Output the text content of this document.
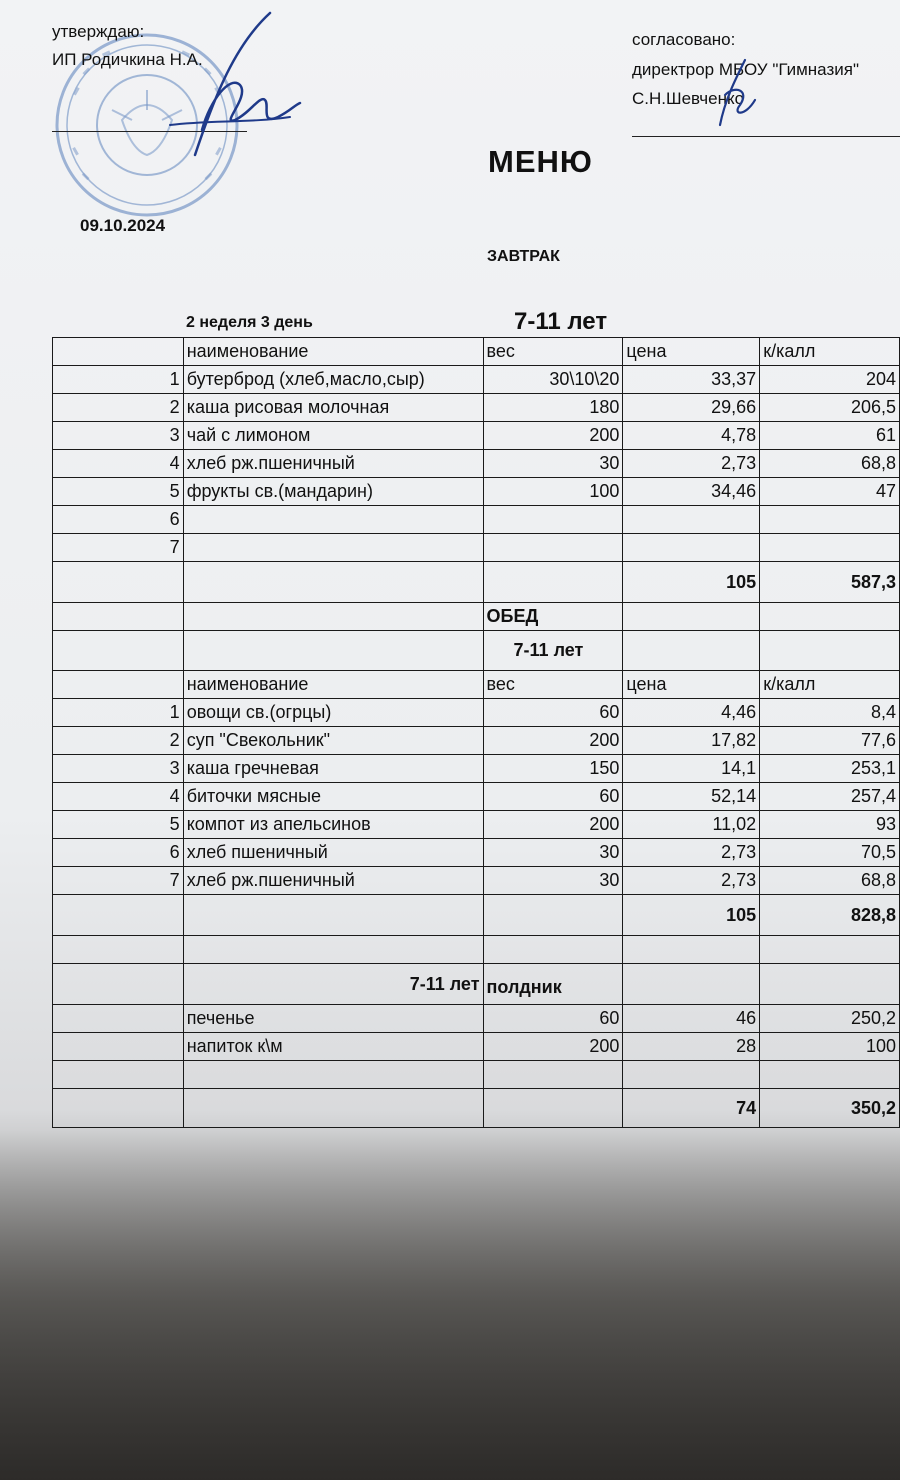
утверждаю:
ИП Родичкина Н.А.
09.10.2024
согласовано:
директрор МБОУ "Гимназия"
С.Н.Шевченко
МЕНЮ
ЗАВТРАК
2 неделя 3 день	7-11 лет
	наименование	вес	цена	к/калл
1	бутерброд (хлеб,масло,сыр)	30\10\20	33,37	204
2	каша рисовая молочная	180	29,66	206,5
3	чай с лимоном	200	4,78	61
4	хлеб рж.пшеничный	30	2,73	68,8
5	фрукты св.(мандарин)	100	34,46	47
6				
7				
			105	587,3
		ОБЕД		
		7-11 лет		
	наименование	вес	цена	к/калл
1	овощи св.(огрцы)	60	4,46	8,4
2	суп "Свекольник"	200	17,82	77,6
3	каша гречневая	150	14,1	253,1
4	биточки мясные	60	52,14	257,4
5	компот из апельсинов	200	11,02	93
6	хлеб пшеничный	30	2,73	70,5
7	хлеб рж.пшеничный	30	2,73	68,8
			105	828,8

	7-11 лет	полдник		
	печенье	60	46	250,2
	напиток к\м	200	28	100

			74	350,2
